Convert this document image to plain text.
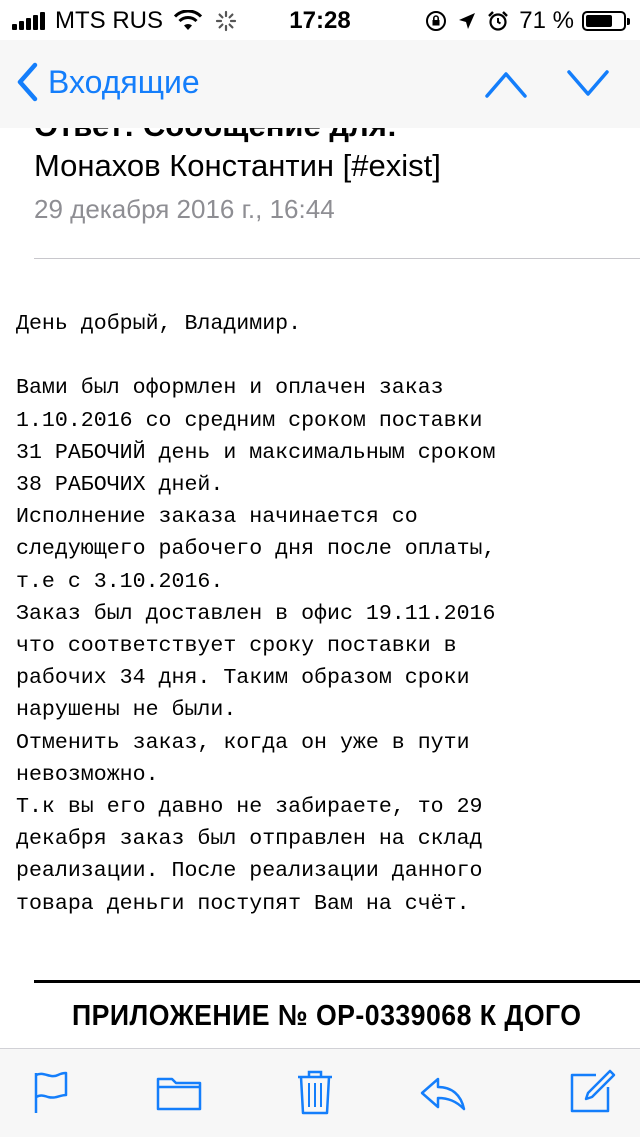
MTS RUS	17:28	71 %
Входящие
Монахов Константин [#exist]
29 декабря 2016 г., 16:44
День добрый, Владимир.

Вами был оформлен и оплачен заказ
1.10.2016 со средним сроком поставки
31 РАБОЧИЙ день и максимальным сроком
38 РАБОЧИХ дней.
Исполнение заказа начинается со
следующего рабочего дня после оплаты,
т.е с 3.10.2016.
Заказ был доставлен в офис 19.11.2016
что соответствует сроку поставки в
рабочих 34 дня. Таким образом сроки
нарушены не были.
Отменить заказ, когда он уже в пути
невозможно.
Т.к вы его давно не забираете, то 29
декабря заказ был отправлен на склад
реализации. После реализации данного
товара деньги поступят Вам на счёт.
ПРИЛОЖЕНИЕ № ОР-0339068 К ДОГО
